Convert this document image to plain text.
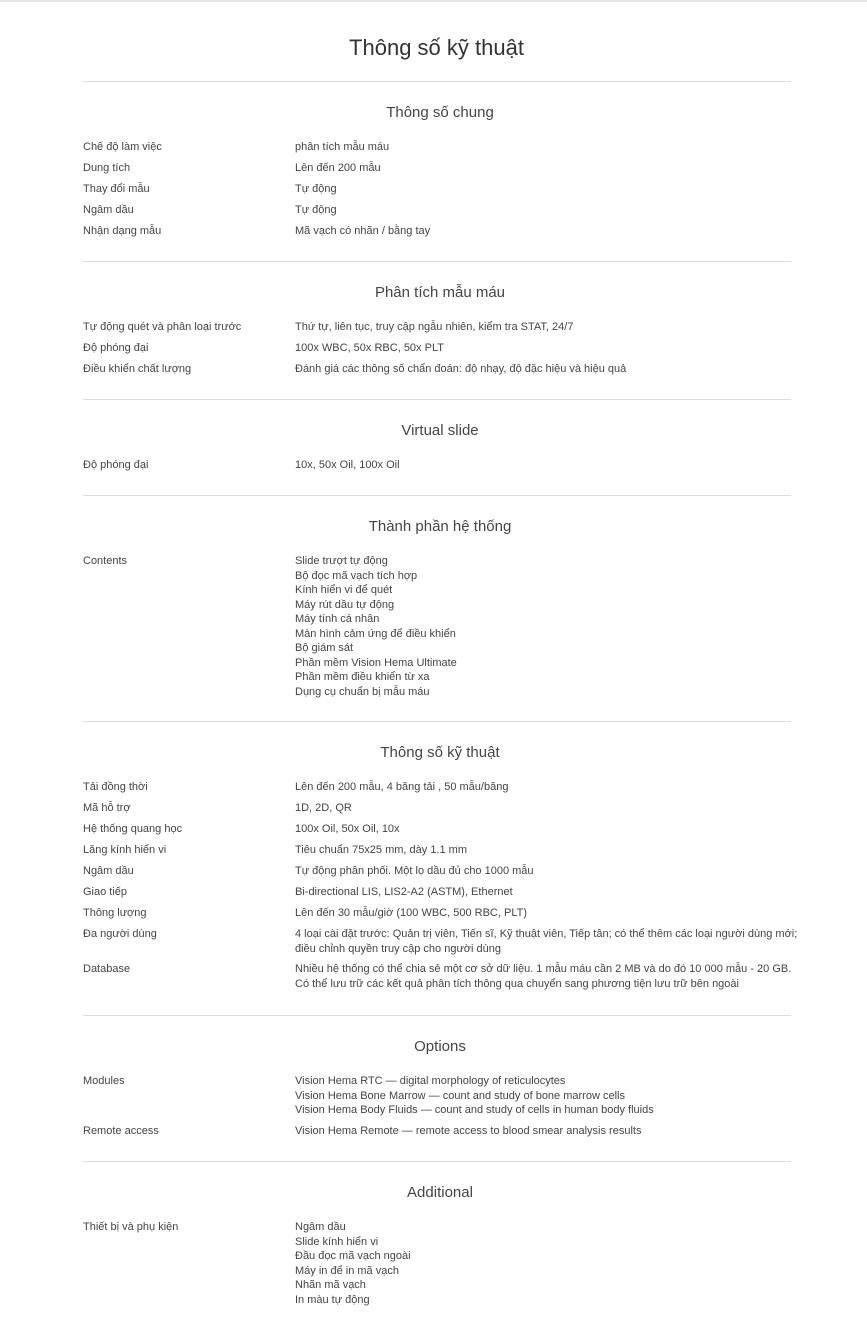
Thông số kỹ thuật
Thông số chung
Chế độ làm việc	phân tích mẫu máu
Dung tích	Lên đến 200 mẫu
Thay đổi mẫu	Tự động
Ngâm dầu	Tự động
Nhận dạng mẫu	Mã vạch có nhãn / bằng tay
Phân tích mẫu máu
Tự động quét và phân loại trước	Thứ tự, liên tục, truy cập ngẫu nhiên, kiểm tra STAT, 24/7
Độ phóng đại	100x WBC, 50x RBC, 50x PLT
Điều khiển chất lượng	Đánh giá các thông số chẩn đoán: độ nhạy, độ đặc hiệu và hiệu quả
Virtual slide
Độ phóng đại	10x, 50x Oil, 100x Oil
Thành phần hệ thống
Contents	Slide trượt tự động
Bộ đọc mã vạch tích hợp
Kính hiển vi để quét
Máy rút dầu tự động
Máy tính cá nhân
Màn hình cảm ứng để điều khiển
Bộ giám sát
Phần mềm Vision Hema Ultimate
Phần mềm điều khiển từ xa
Dụng cụ chuẩn bị mẫu máu
Thông số kỹ thuật
Tải đồng thời	Lên đến 200 mẫu, 4 băng tải , 50 mẫu/băng
Mã hỗ trợ	1D, 2D, QR
Hệ thống quang học	100x Oil, 50x Oil, 10x
Lăng kính hiển vi	Tiêu chuẩn 75x25 mm, dày 1.1 mm
Ngâm dầu	Tự động phân phối. Một lọ dầu đủ cho 1000 mẫu
Giao tiếp	Bi-directional LIS, LIS2-A2 (ASTM), Ethernet
Thông lượng	Lên đến 30 mẫu/giờ (100 WBC, 500 RBC, PLT)
Đa người dùng	4 loại cài đặt trước: Quản trị viên, Tiến sĩ, Kỹ thuật viên, Tiếp tân; có thể thêm các loại người dùng mới;
điều chỉnh quyền truy cập cho người dùng
Database	Nhiều hệ thống có thể chia sẻ một cơ sở dữ liệu. 1 mẫu máu cần 2 MB và do đó 10 000 mẫu - 20 GB.
Có thể lưu trữ các kết quả phân tích thông qua chuyển sang phương tiện lưu trữ bên ngoài
Options
Modules	Vision Hema RTC — digital morphology of reticulocytes
Vision Hema Bone Marrow — count and study of bone marrow cells
Vision Hema Body Fluids — count and study of cells in human body fluids
Remote access	Vision Hema Remote — remote access to blood smear analysis results
Additional
Thiết bị và phụ kiện	Ngâm dầu
Slide kính hiển vi
Đầu đọc mã vạch ngoài
Máy in để in mã vạch
Nhãn mã vạch
In màu tự động
